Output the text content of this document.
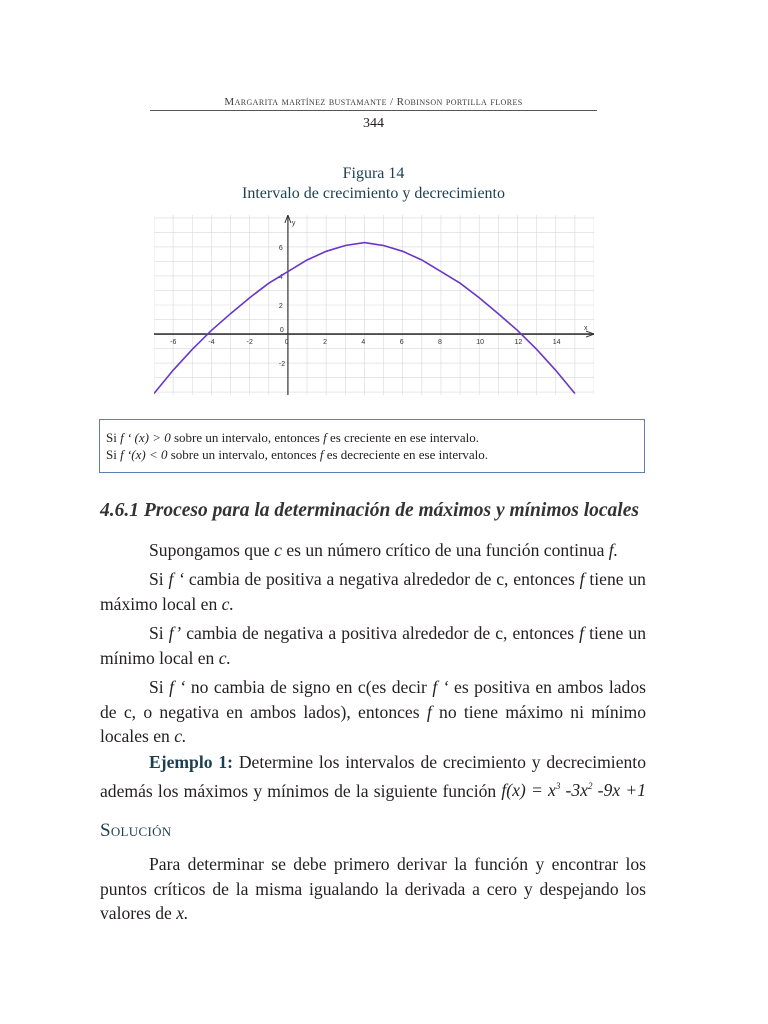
Margarita martínez bustamante / Robinson portilla flores
344
Figura 14
Intervalo de crecimiento y decrecimiento
x
y
-6	-4	-2	0	2	4	6	8	10	12	14
6
4
2
0
-2
Si f ‘ (x) > 0 sobre un intervalo, entonces f es creciente en ese intervalo.
Si f ‘(x) < 0 sobre un intervalo, entonces f es decreciente en ese intervalo.
4.6.1 Proceso para la determinación de máximos y mínimos locales
Supongamos que c es un número crítico de una función continua f.
Si f ‘ cambia de positiva a negativa alrededor de c, entonces f tiene un máximo local en c.
Si f’ cambia de negativa a positiva alrededor de c, entonces f tiene un mínimo local en c.
Si f ‘ no cambia de signo en c(es decir f ‘ es positiva en ambos lados de c, o negativa en ambos lados), entonces f no tiene máximo ni mínimo locales en c.
Ejemplo 1: Determine los intervalos de crecimiento y decrecimiento además los máximos y mínimos de la siguiente función $f(x) = x^3$ $-3x^2$ -9x +1
Solución
Para determinar se debe primero derivar la función y encontrar los puntos críticos de la misma igualando la derivada a cero y despejando los valores de x.
